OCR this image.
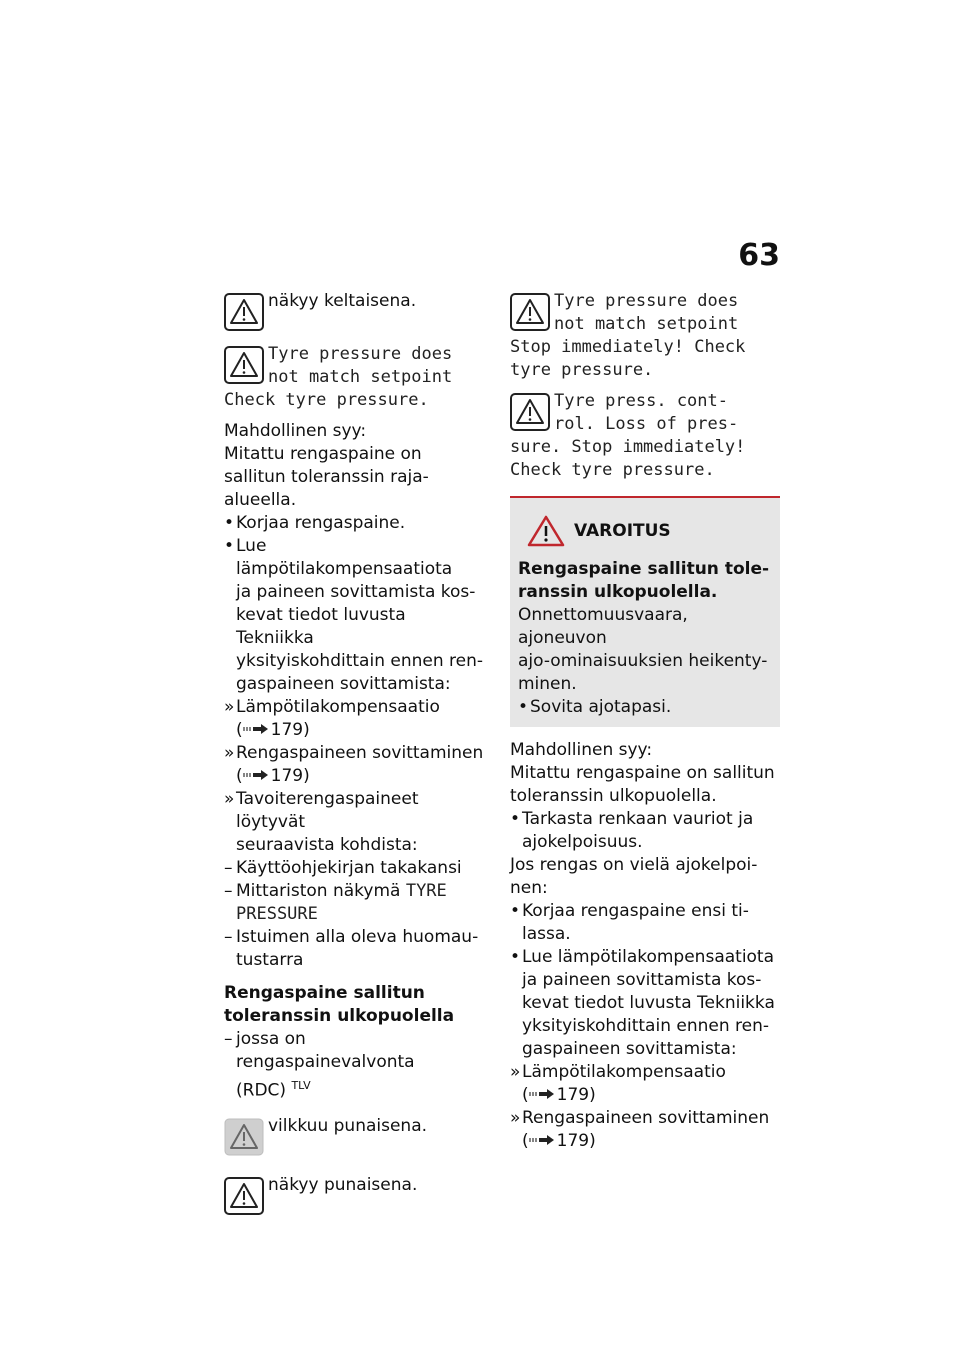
63
näkyy keltaisena.
Tyre pressure does
not match setpoint
Check tyre pressure.

Mahdollinen syy:

Mitattu rengaspaine on sallitun toleranssin raja-alueella.

• Korjaa rengaspaine.
• Lue lämpötilakompensaatiota
ja paineen sovittamista kos-
kevat tiedot luvusta Tekniikka
yksityiskohdittain ennen ren-
gaspaineen sovittamista:
» Lämpötilakompensaatio
( 179)
» Rengaspaineen sovittaminen
( 179)
» Tavoiterengaspaineet löytyvät
seuraavista kohdista:
– Käyttöohjekirjan takakansi
– Mittariston näkymä TYRE
PRESSURE
– Istuimen alla oleva huomau-
tustarra
Rengaspaine sallitun
toleranssin ulkopuolella
– jossa on rengaspainevalvonta
(RDC) $^{TLV}$
vilkkuu punaisena.
näkyy punaisena.
Tyre pressure does
not match setpoint
Stop immediately! Check
tyre pressure.
Tyre press. cont-
rol. Loss of pres-
sure. Stop immediately!
Check tyre pressure.
VAROITUS
Rengaspaine sallitun tole-
ranssin ulkopuolella.
Onnettomuusvaara, ajoneuvon
ajo-ominaisuuksien heikenty-
minen.
• Sovita ajotapasi.

Mahdollinen syy:

Mitattu rengaspaine on sallitun
toleranssin ulkopuolella.
• Tarkasta renkaan vauriot ja
ajokelpoisuus.
Jos rengas on vielä ajokelpoi-
nen:
• Korjaa rengaspaine ensi ti-
lassa.
• Lue lämpötilakompensaatiota
ja paineen sovittamista kos-
kevat tiedot luvusta Tekniikka
yksityiskohdittain ennen ren-
gaspaineen sovittamista:
» Lämpötilakompensaatio
( 179)
» Rengaspaineen sovittaminen
( 179)
